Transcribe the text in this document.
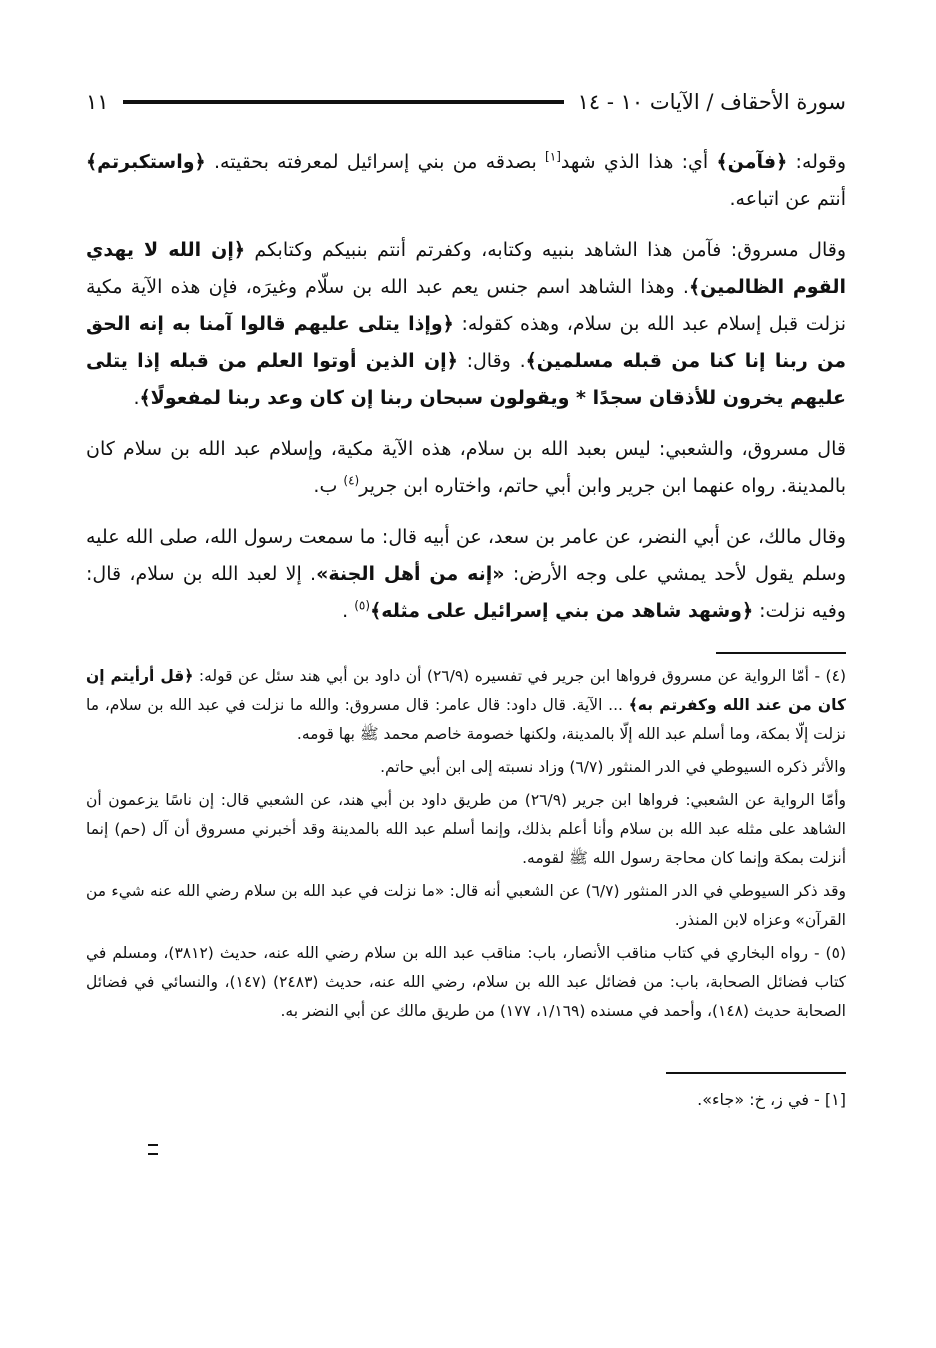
سورة الأحقاف / الآيات ١٠ - ١٤
١١

وقوله: ﴿فآمن﴾ أي: هذا الذي شهد[١] بصدقه من بني إسرائيل لمعرفته بحقيته. ﴿واستكبرتم﴾ أنتم عن اتباعه.

وقال مسروق: فآمن هذا الشاهد بنبيه وكتابه، وكفرتم أنتم بنبيكم وكتابكم ﴿إن الله لا يهدي القوم الظالمين﴾. وهذا الشاهد اسم جنس يعم عبد الله بن سلّام وغيرَه، فإن هذه الآية مكية نزلت قبل إسلام عبد الله بن سلام، وهذه كقوله: ﴿وإذا يتلى عليهم قالوا آمنا به إنه الحق من ربنا إنا كنا من قبله مسلمين﴾. وقال: ﴿إن الذين أوتوا العلم من قبله إذا يتلى عليهم يخرون للأذقان سجدًا * ويقولون سبحان ربنا إن كان وعد ربنا لمفعولًا﴾.

قال مسروق، والشعبي: ليس بعبد الله بن سلام، هذه الآية مكية، وإسلام عبد الله بن سلام كان بالمدينة. رواه عنهما ابن جرير وابن أبي حاتم، واختاره ابن جرير$^{(٤)}$ ب.

وقال مالك، عن أبي النضر، عن عامر بن سعد، عن أبيه قال: ما سمعت رسول الله، صلى الله عليه وسلم يقول لأحد يمشي على وجه الأرض: «إنه من أهل الجنة». إلا لعبد الله بن سلام، قال: وفيه نزلت: ﴿وشهد شاهد من بني إسرائيل على مثله﴾$^{(٥)}$ .

(٤) - أمّا الرواية عن مسروق فرواها ابن جرير في تفسيره (٢٦/٩) أن داود بن أبي هند سئل عن قوله: ﴿قل أرأيتم إن كان من عند الله وكفرتم به﴾ ... الآية. قال داود: قال عامر: قال مسروق: والله ما نزلت في عبد الله بن سلام، ما نزلت إلّا بمكة، وما أسلم عبد الله إلّا بالمدينة، ولكنها خصومة خاصم محمد ﷺ بها قومه.

والأثر ذكره السيوطي في الدر المنثور (٦/٧) وزاد نسبته إلى ابن أبي حاتم.

وأمّا الرواية عن الشعبي: فرواها ابن جرير (٢٦/٩) من طريق داود بن أبي هند، عن الشعبي قال: إن ناسًا يزعمون أن الشاهد على مثله عبد الله بن سلام وأنا أعلم بذلك، وإنما أسلم عبد الله بالمدينة وقد أخبرني مسروق أن آل (حم) إنما أنزلت بمكة وإنما كان محاجة رسول الله ﷺ لقومه.

وقد ذكر السيوطي في الدر المنثور (٦/٧) عن الشعبي أنه قال: «ما نزلت في عبد الله بن سلام رضي الله عنه شيء من القرآن» وعزاه لابن المنذر.

(٥) - رواه البخاري في كتاب مناقب الأنصار، باب: مناقب عبد الله بن سلام رضي الله عنه، حديث (٣٨١٢)، ومسلم في كتاب فضائل الصحابة، باب: من فضائل عبد الله بن سلام، رضي الله عنه، حديث (٢٤٨٣) (١٤٧)، والنسائي في فضائل الصحابة حديث (١٤٨)، وأحمد في مسنده (١/١٦٩، ١٧٧) من طريق مالك عن أبي النضر به.

[١] - في ز، خ: «جاء».
